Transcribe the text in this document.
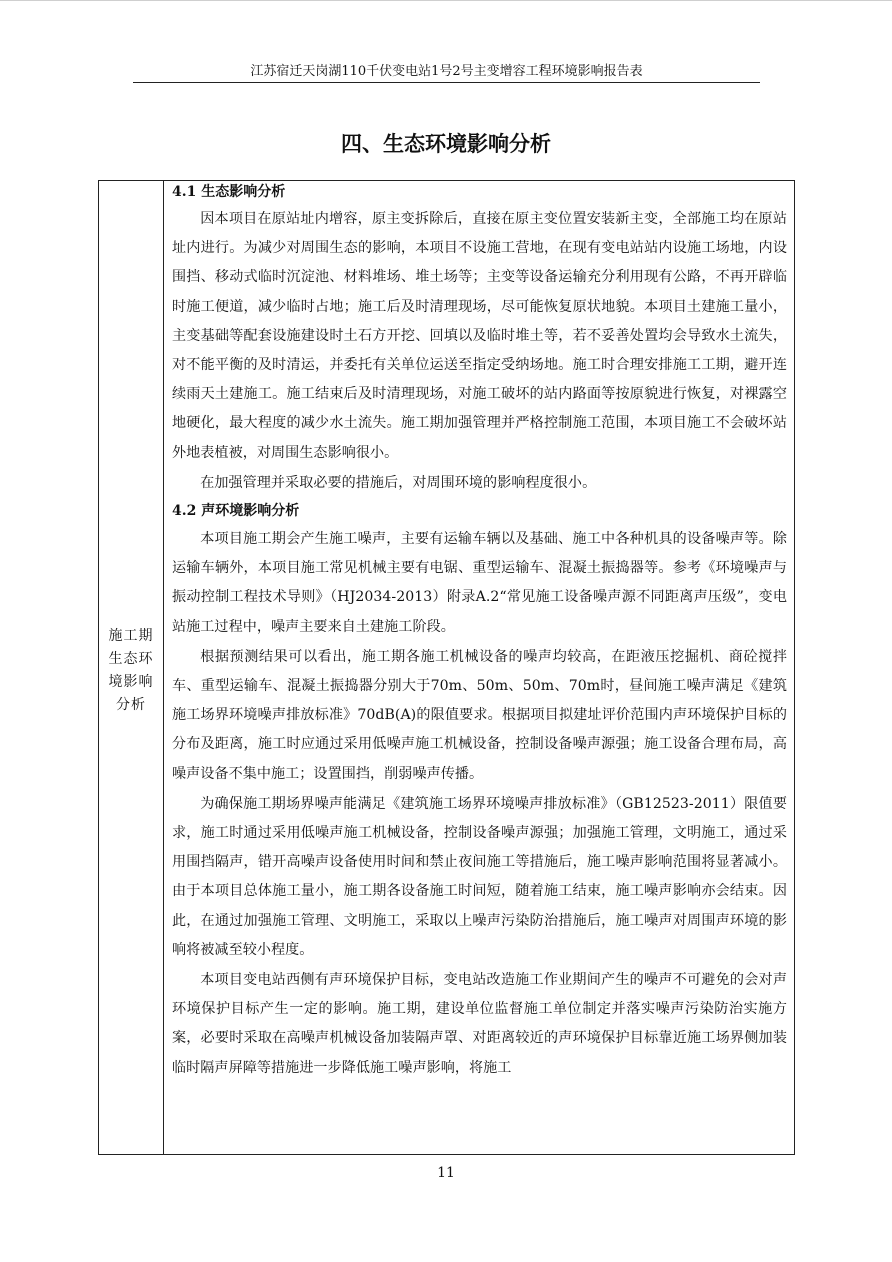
江苏宿迁天岗湖110千伏变电站1号2号主变增容工程环境影响报告表
四、生态环境影响分析
施工期生态环境影响分析
4.1 生态影响分析

因本项目在原站址内增容，原主变拆除后，直接在原主变位置安装新主变，全部施工均在原站址内进行。为减少对周围生态的影响，本项目不设施工营地，在现有变电站站内设施工场地，内设围挡、移动式临时沉淀池、材料堆场、堆土场等；主变等设备运输充分利用现有公路，不再开辟临时施工便道，减少临时占地；施工后及时清理现场，尽可能恢复原状地貌。本项目土建施工量小，主变基础等配套设施建设时土石方开挖、回填以及临时堆土等，若不妥善处置均会导致水土流失，对不能平衡的及时清运，并委托有关单位运送至指定受纳场地。施工时合理安排施工工期，避开连续雨天土建施工。施工结束后及时清理现场，对施工破坏的站内路面等按原貌进行恢复，对裸露空地硬化，最大程度的减少水土流失。施工期加强管理并严格控制施工范围，本项目施工不会破坏站外地表植被，对周围生态影响很小。

在加强管理并采取必要的措施后，对周围环境的影响程度很小。

4.2 声环境影响分析

本项目施工期会产生施工噪声，主要有运输车辆以及基础、施工中各种机具的设备噪声等。除运输车辆外，本项目施工常见机械主要有电锯、重型运输车、混凝土振捣器等。参考《环境噪声与振动控制工程技术导则》（HJ2034-2013）附录A.2“常见施工设备噪声源不同距离声压级”，变电站施工过程中，噪声主要来自土建施工阶段。

根据预测结果可以看出，施工期各施工机械设备的噪声均较高，在距液压挖掘机、商砼搅拌车、重型运输车、混凝土振捣器分别大于70m、50m、50m、70m时，昼间施工噪声满足《建筑施工场界环境噪声排放标准》70dB(A)的限值要求。根据项目拟建址评价范围内声环境保护目标的分布及距离，施工时应通过采用低噪声施工机械设备，控制设备噪声源强；施工设备合理布局，高噪声设备不集中施工；设置围挡，削弱噪声传播。

为确保施工期场界噪声能满足《建筑施工场界环境噪声排放标准》（GB12523-2011）限值要求，施工时通过采用低噪声施工机械设备，控制设备噪声源强；加强施工管理，文明施工，通过采用围挡隔声，错开高噪声设备使用时间和禁止夜间施工等措施后，施工噪声影响范围将显著减小。由于本项目总体施工量小，施工期各设备施工时间短，随着施工结束，施工噪声影响亦会结束。因此，在通过加强施工管理、文明施工，采取以上噪声污染防治措施后，施工噪声对周围声环境的影响将被减至较小程度。

本项目变电站西侧有声环境保护目标，变电站改造施工作业期间产生的噪声不可避免的会对声环境保护目标产生一定的影响。施工期，建设单位监督施工单位制定并落实噪声污染防治实施方案，必要时采取在高噪声机械设备加装隔声罩、对距离较近的声环境保护目标靠近施工场界侧加装临时隔声屏障等措施进一步降低施工噪声影响，将施工

11
